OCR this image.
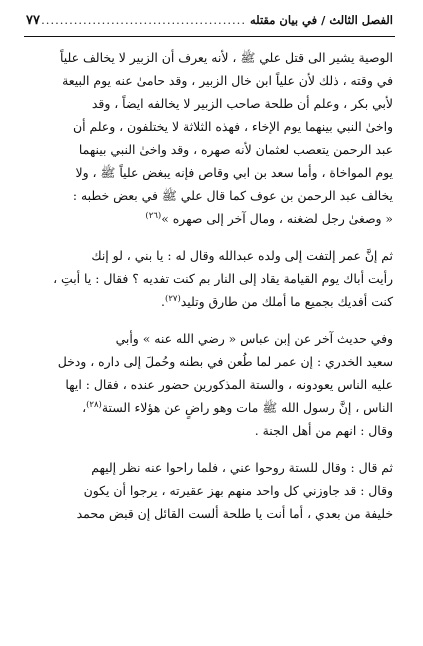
الفصل الثالث / في بيان مقتله
............................................
٧٧

الوصية يشير الى قتل علي ﷺ ، لأنه يعرف أن الزبير لا يخالف علياً
في وقته ، ذلك لأن علياً ابن خال الزبير ، وقد حامىٰ عنه يوم البيعة
لأبي بكر ، وعلم أن طلحة صاحب الزبير لا يخالفه ايضاً ، وقد
واخىٰ النبي بينهما يوم الإخاء ، فهذه الثلاثة لا يختلفون ، وعلم أن
عبد الرحمن يتعصب لعثمان لأنه صهره ، وقد واخىٰ النبي بينهما
يوم المواخاة ، وأما سعد بن ابي وقاص فإنه يبغض علياً ﷺ ، ولا
يخالف عبد الرحمن بن عوف كما قال علي ﷺ في بعض خطبه :
« وصغىٰ رجل لضغنه ، ومال آخر إلى صهره »$^{(٢٦)}$

ثم إنَّ عمر إلتفت إلى ولده عبدالله وقال له : يا بني ، لو إنك
رأيت أباك يوم القيامة يقاد إلى النار بم كنت تفديه ؟ فقال : يا أبتِ ،
كنت أفديك بجميع ما أملك من طارق وتليد$^{(٢٧)}$.

وفي حديث آخر عن إبن عباس « رضي الله عنه » وأبي
سعيد الخدري : إن عمر لما طُعن في بطنه وحُملَ إلى داره ، ودخل
عليه الناس يعودونه ، والستة المذكورين حضور عنده ، فقال : ايها
الناس ، إنَّ رسول الله ﷺ مات وهو راضٍ عن هؤلاء الستة$^{(٢٨)}$،
وقال : انهم من أهل الجنة .

ثم قال : وقال للستة روحوا عني ، فلما راحوا عنه نظر إليهم
وقال : قد جاوزني كل واحد منهم بهز عقيرته ، يرجوا أن يكون
خليفة من بعدي ، أما أنت يا طلحة ألست القائل إن قبض محمد
